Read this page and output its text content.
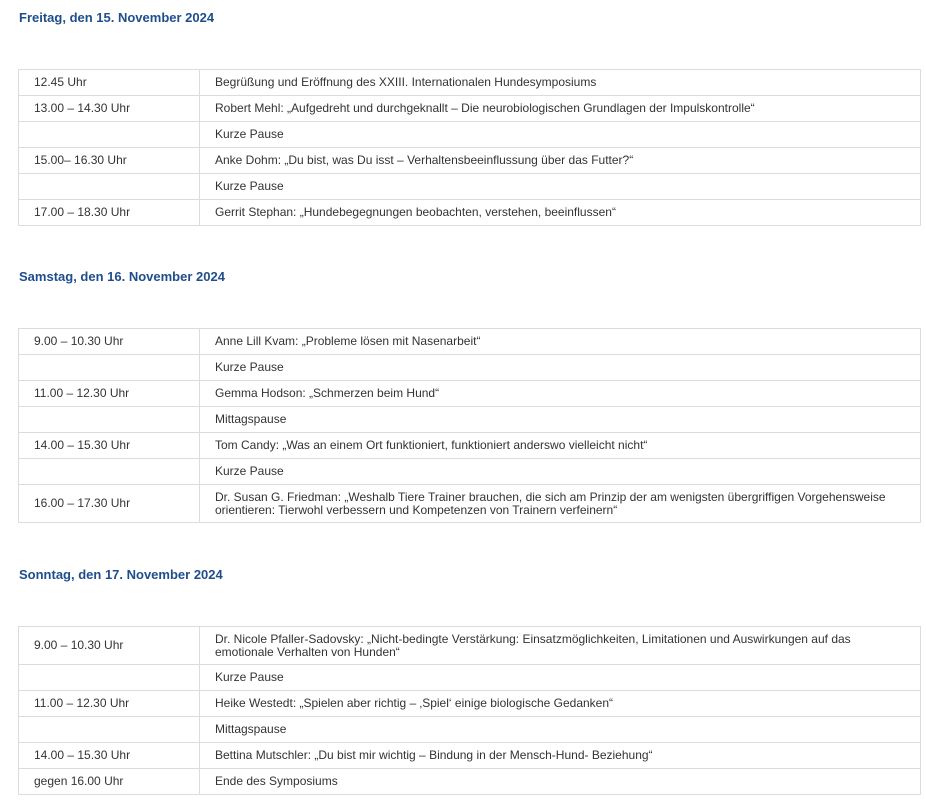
Freitag, den 15. November 2024
12.45 Uhr	Begrüßung und Eröffnung des XXIII. Internationalen Hundesymposiums
13.00 – 14.30 Uhr	Robert Mehl: „Aufgedreht und durchgeknallt – Die neurobiologischen Grundlagen der Impulskontrolle“
	Kurze Pause
15.00– 16.30 Uhr	Anke Dohm: „Du bist, was Du isst – Verhaltensbeeinflussung über das Futter?“
	Kurze Pause
17.00 – 18.30 Uhr	Gerrit Stephan: „Hundebegegnungen beobachten, verstehen, beeinflussen“
Samstag, den 16. November 2024
9.00 – 10.30 Uhr	Anne Lill Kvam: „Probleme lösen mit Nasenarbeit“
	Kurze Pause
11.00 – 12.30 Uhr	Gemma Hodson: „Schmerzen beim Hund“
	Mittagspause
14.00 – 15.30 Uhr	Tom Candy: „Was an einem Ort funktioniert, funktioniert anderswo vielleicht nicht“
	Kurze Pause
16.00 – 17.30 Uhr	Dr. Susan G. Friedman: „Weshalb Tiere Trainer brauchen, die sich am Prinzip der am wenigsten übergriffigen Vorgehensweise orientieren: Tierwohl verbessern und Kompetenzen von Trainern verfeinern“
Sonntag, den 17. November 2024
9.00 – 10.30 Uhr	Dr. Nicole Pfaller-Sadovsky: „Nicht-bedingte Verstärkung: Einsatzmöglichkeiten, Limitationen und Auswirkungen auf das emotionale Verhalten von Hunden“
	Kurze Pause
11.00 – 12.30 Uhr	Heike Westedt: „Spielen aber richtig – ‚Spiel‘ einige biologische Gedanken“
	Mittagspause
14.00 – 15.30 Uhr	Bettina Mutschler: „Du bist mir wichtig – Bindung in der Mensch-Hund- Beziehung“
gegen 16.00 Uhr	Ende des Symposiums
